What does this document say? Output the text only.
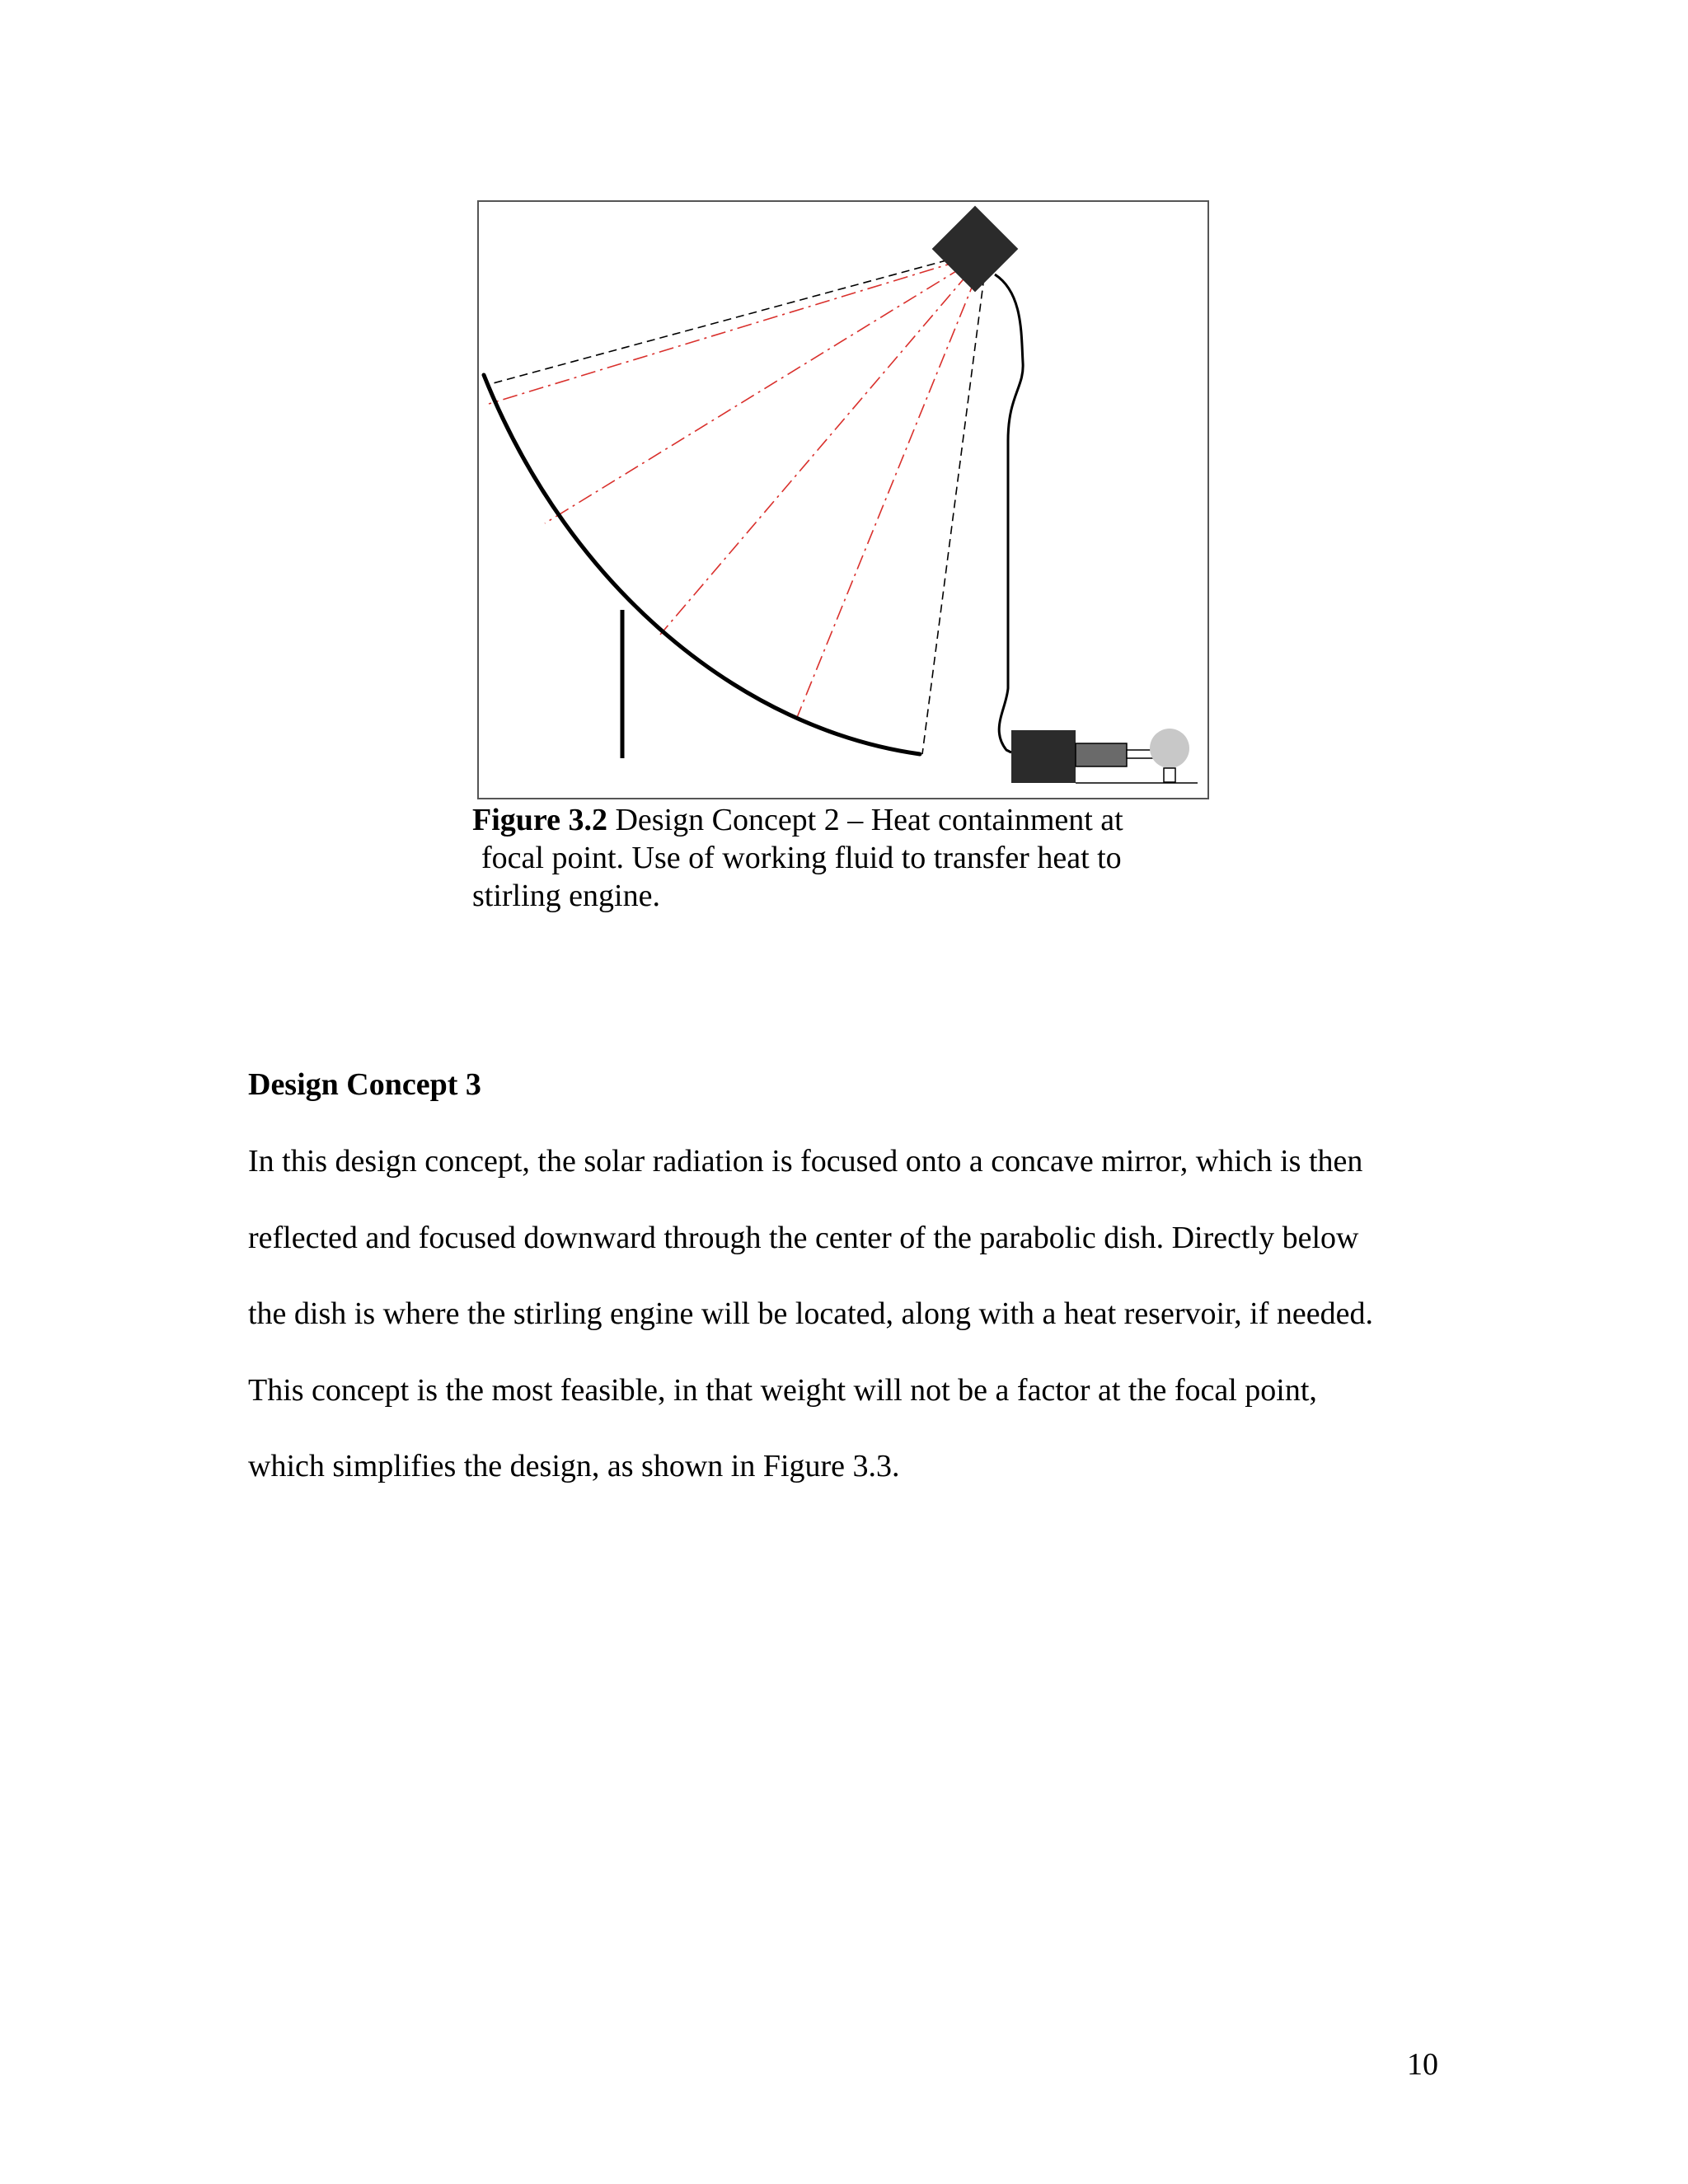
Figure 3.2 Design Concept 2 – Heat containment at
focal point. Use of working fluid to transfer heat to
stirling engine.
Design Concept 3
In this design concept, the solar radiation is focused onto a concave mirror, which is then
reflected and focused downward through the center of the parabolic dish. Directly below
the dish is where the stirling engine will be located, along with a heat reservoir, if needed.
This concept is the most feasible, in that weight will not be a factor at the focal point,
which simplifies the design, as shown in Figure 3.3.
10
